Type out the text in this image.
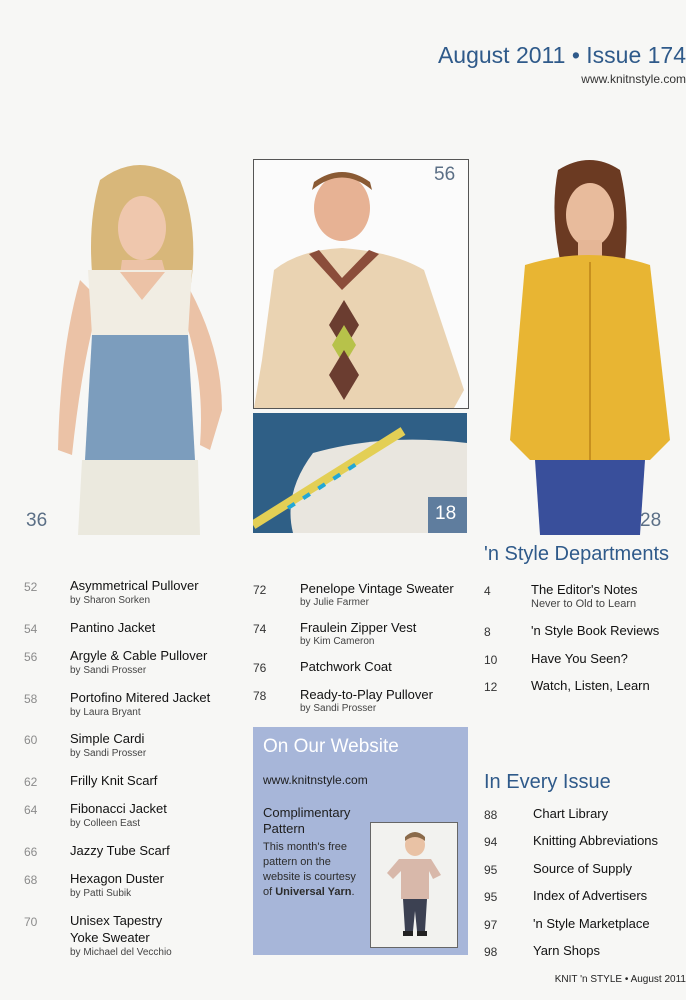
August 2011 • Issue 174
www.knitnstyle.com
36
56
18	28
52	Asymmetrical Pullover
by Sharon Sorken
54	Pantino Jacket
56	Argyle & Cable Pullover
by Sandi Prosser
58	Portofino Mitered Jacket
by Laura Bryant
60	Simple Cardi
by Sandi Prosser
62	Frilly Knit Scarf
64	Fibonacci Jacket
by Colleen East
66	Jazzy Tube Scarf
68	Hexagon Duster
by Patti Subik
70	Unisex Tapestry
Yoke Sweater
by Michael del Vecchio
72	Penelope Vintage Sweater
by Julie Farmer
74	Fraulein Zipper Vest
by Kim Cameron
76	Patchwork Coat
78	Ready-to-Play Pullover
by Sandi Prosser
On Our Website
www.knitnstyle.com
Complimentary
Pattern
This month's free
pattern on the
website is courtesy
of Universal Yarn.
'n Style Departments
4	The Editor's Notes
Never to Old to Learn
8	'n Style Book Reviews
10	Have You Seen?
12	Watch, Listen, Learn
In Every Issue
88	Chart Library
94	Knitting Abbreviations
95	Source of Supply
95	Index of Advertisers
97	'n Style Marketplace
98	Yarn Shops
KNIT 'n STYLE • August 2011
